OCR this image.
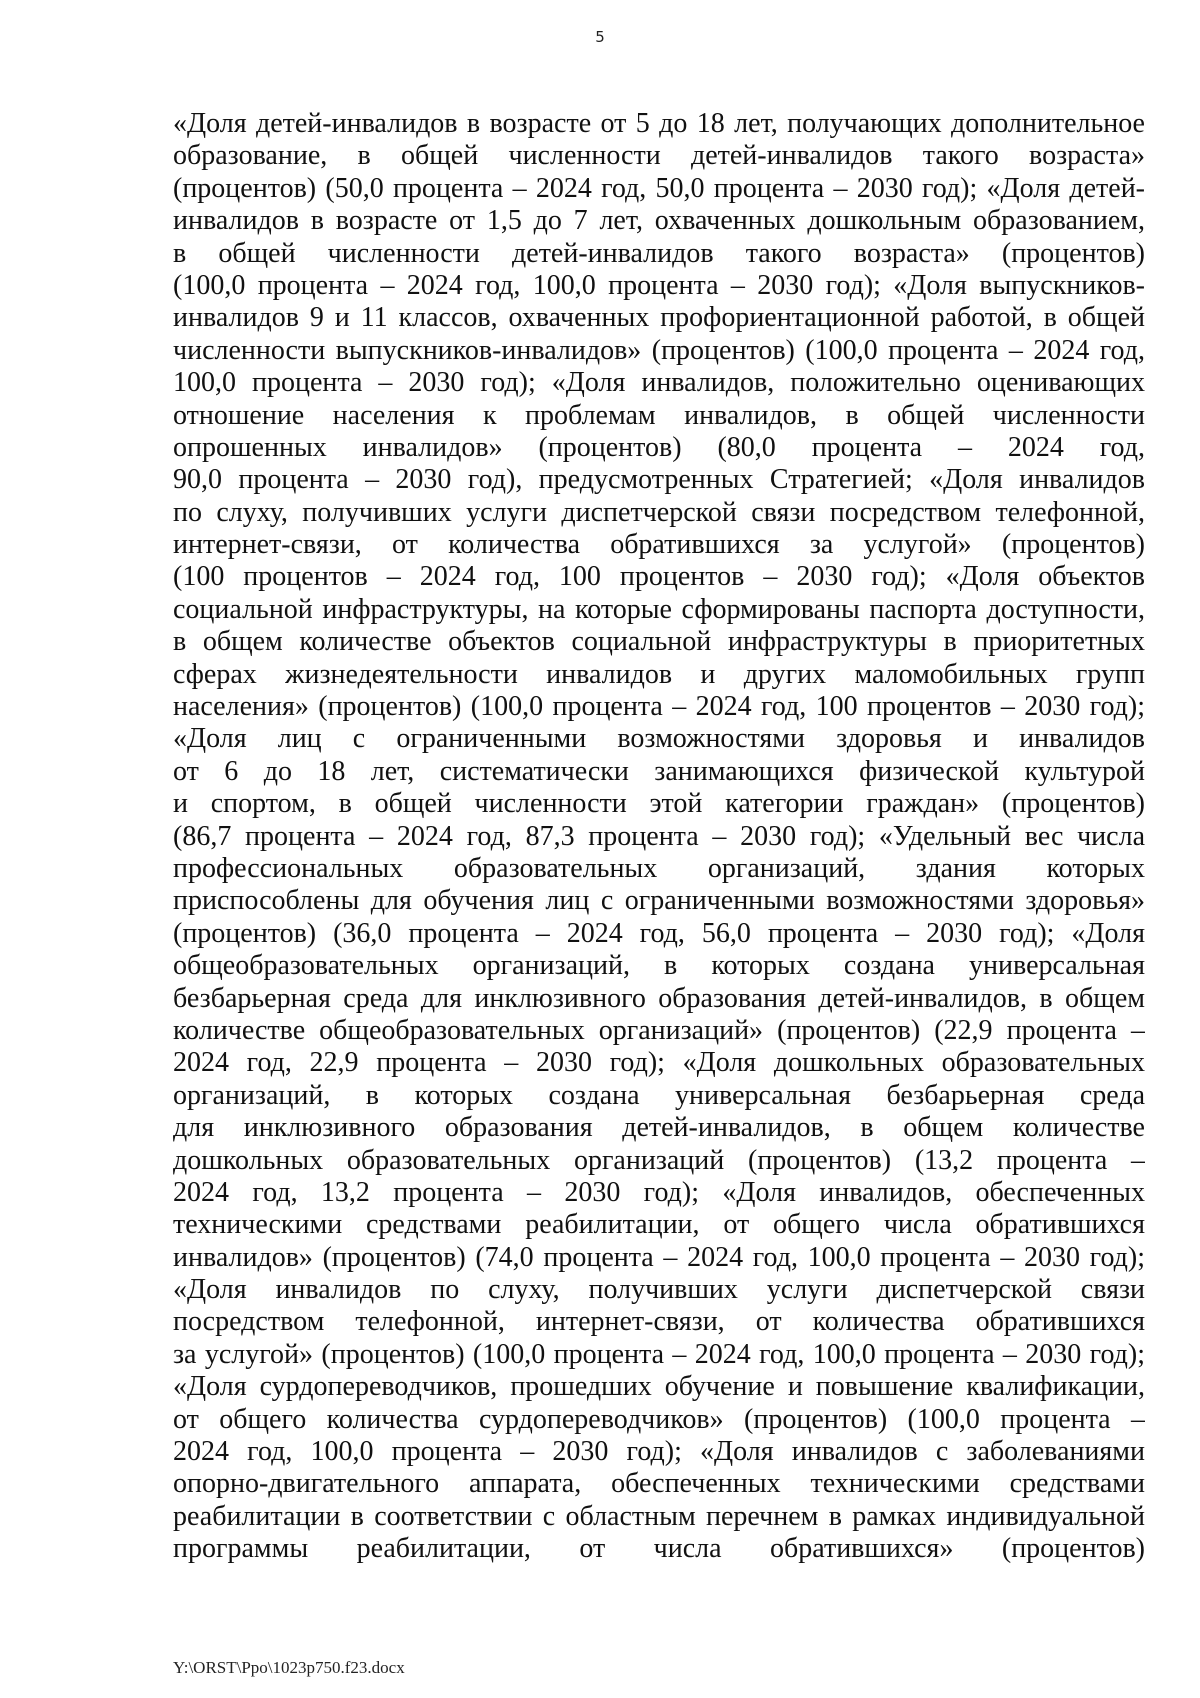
5
«Доля детей-инвалидов в возрасте от 5 до 18 лет, получающих дополнительное
образование, в общей численности детей-инвалидов такого возраста»
(процентов) (50,0 процента – 2024 год, 50,0 процента – 2030 год); «Доля детей-
инвалидов в возрасте от 1,5 до 7 лет, охваченных дошкольным образованием,
в общей численности детей-инвалидов такого возраста» (процентов)
(100,0 процента – 2024 год, 100,0 процента – 2030 год); «Доля выпускников-
инвалидов 9 и 11 классов, охваченных профориентационной работой, в общей
численности выпускников-инвалидов» (процентов) (100,0 процента – 2024 год,
100,0 процента – 2030 год); «Доля инвалидов, положительно оценивающих
отношение населения к проблемам инвалидов, в общей численности
опрошенных инвалидов» (процентов) (80,0 процента – 2024 год,
90,0 процента – 2030 год), предусмотренных Стратегией; «Доля инвалидов
по слуху, получивших услуги диспетчерской связи посредством телефонной,
интернет-связи, от количества обратившихся за услугой» (процентов)
(100 процентов – 2024 год, 100 процентов – 2030 год); «Доля объектов
социальной инфраструктуры, на которые сформированы паспорта доступности,
в общем количестве объектов социальной инфраструктуры в приоритетных
сферах жизнедеятельности инвалидов и других маломобильных групп
населения» (процентов) (100,0 процента – 2024 год, 100 процентов – 2030 год);
«Доля лиц с ограниченными возможностями здоровья и инвалидов
от 6 до 18 лет, систематически занимающихся физической культурой
и спортом, в общей численности этой категории граждан» (процентов)
(86,7 процента – 2024 год, 87,3 процента – 2030 год); «Удельный вес числа
профессиональных образовательных организаций, здания которых
приспособлены для обучения лиц с ограниченными возможностями здоровья»
(процентов) (36,0 процента – 2024 год, 56,0 процента – 2030 год); «Доля
общеобразовательных организаций, в которых создана универсальная
безбарьерная среда для инклюзивного образования детей-инвалидов, в общем
количестве общеобразовательных организаций» (процентов) (22,9 процента –
2024 год, 22,9 процента – 2030 год); «Доля дошкольных образовательных
организаций, в которых создана универсальная безбарьерная среда
для инклюзивного образования детей-инвалидов, в общем количестве
дошкольных образовательных организаций (процентов) (13,2 процента –
2024 год, 13,2 процента – 2030 год); «Доля инвалидов, обеспеченных
техническими средствами реабилитации, от общего числа обратившихся
инвалидов» (процентов) (74,0 процента – 2024 год, 100,0 процента – 2030 год);
«Доля инвалидов по слуху, получивших услуги диспетчерской связи
посредством телефонной, интернет-связи, от количества обратившихся
за услугой» (процентов) (100,0 процента – 2024 год, 100,0 процента – 2030 год);
«Доля сурдопереводчиков, прошедших обучение и повышение квалификации,
от общего количества сурдопереводчиков» (процентов) (100,0 процента –
2024 год, 100,0 процента – 2030 год); «Доля инвалидов с заболеваниями
опорно-двигательного аппарата, обеспеченных техническими средствами
реабилитации в соответствии с областным перечнем в рамках индивидуальной
программы реабилитации, от числа обратившихся» (процентов)
Y:\ORST\Ppo\1023p750.f23.docx
